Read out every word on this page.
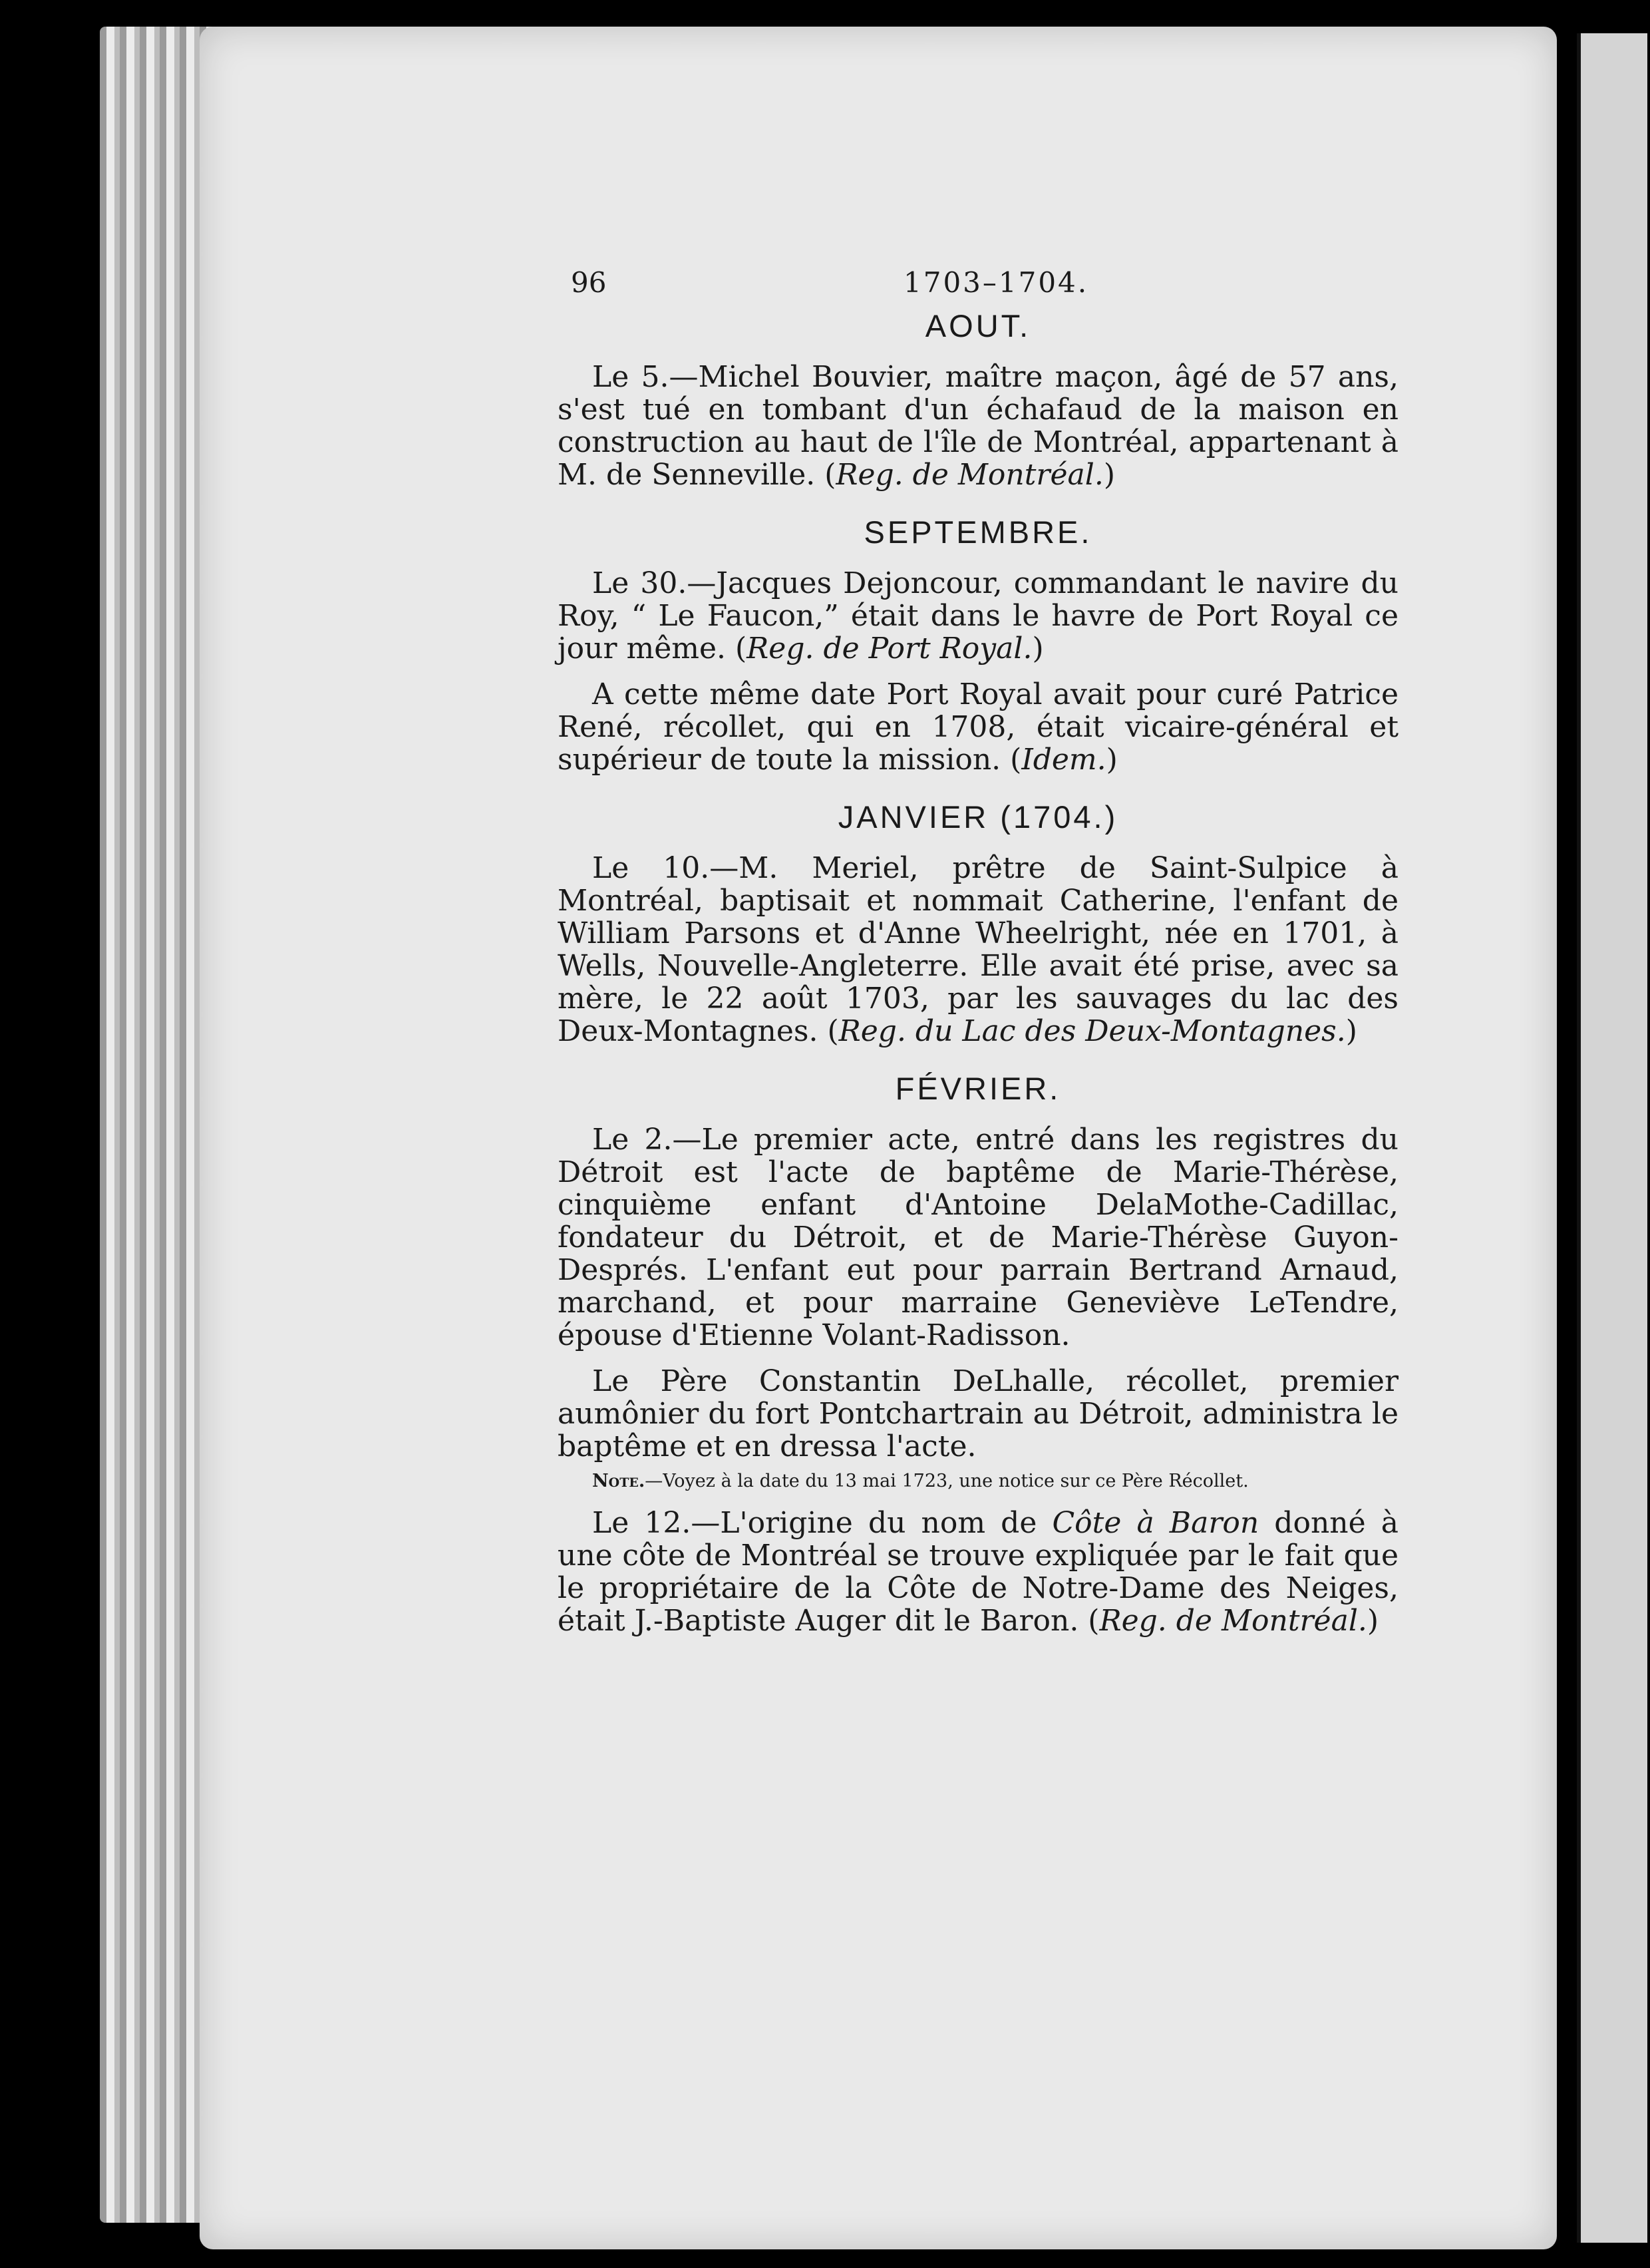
96	1703–1704.
AOUT.

Le 5.—Michel Bouvier, maître maçon, âgé de 57 ans, s'est tué en tombant d'un échafaud de la maison en construction au haut de l'île de Montréal, appartenant à M. de Senneville. (Reg. de Montréal.)

SEPTEMBRE.

Le 30.—Jacques Dejoncour, commandant le navire du Roy, “ Le Faucon,” était dans le havre de Port Royal ce jour même. (Reg. de Port Royal.)

A cette même date Port Royal avait pour curé Patrice René, récollet, qui en 1708, était vicaire-général et supérieur de toute la mission. (Idem.)

JANVIER (1704.)

Le 10.—M. Meriel, prêtre de Saint-Sulpice à Montréal, baptisait et nommait Catherine, l'enfant de William Parsons et d'Anne Wheelright, née en 1701, à Wells, Nouvelle-Angleterre. Elle avait été prise, avec sa mère, le 22 août 1703, par les sauvages du lac des Deux-Montagnes. (Reg. du Lac des Deux-Montagnes.)

FÉVRIER.

Le 2.—Le premier acte, entré dans les registres du Détroit est l'acte de baptême de Marie-Thérèse, cinquième enfant d'Antoine DelaMothe-Cadillac, fondateur du Détroit, et de Marie-Thérèse Guyon-Després. L'enfant eut pour parrain Bertrand Arnaud, marchand, et pour marraine Geneviève LeTendre, épouse d'Etienne Volant-Radisson.

Le Père Constantin DeLhalle, récollet, premier aumônier du fort Pontchartrain au Détroit, administra le baptême et en dressa l'acte.

Note.—Voyez à la date du 13 mai 1723, une notice sur ce Père Récollet.

Le 12.—L'origine du nom de Côte à Baron donné à une côte de Montréal se trouve expliquée par le fait que le propriétaire de la Côte de Notre-Dame des Neiges, était J.-Baptiste Auger dit le Baron. (Reg. de Montréal.)
